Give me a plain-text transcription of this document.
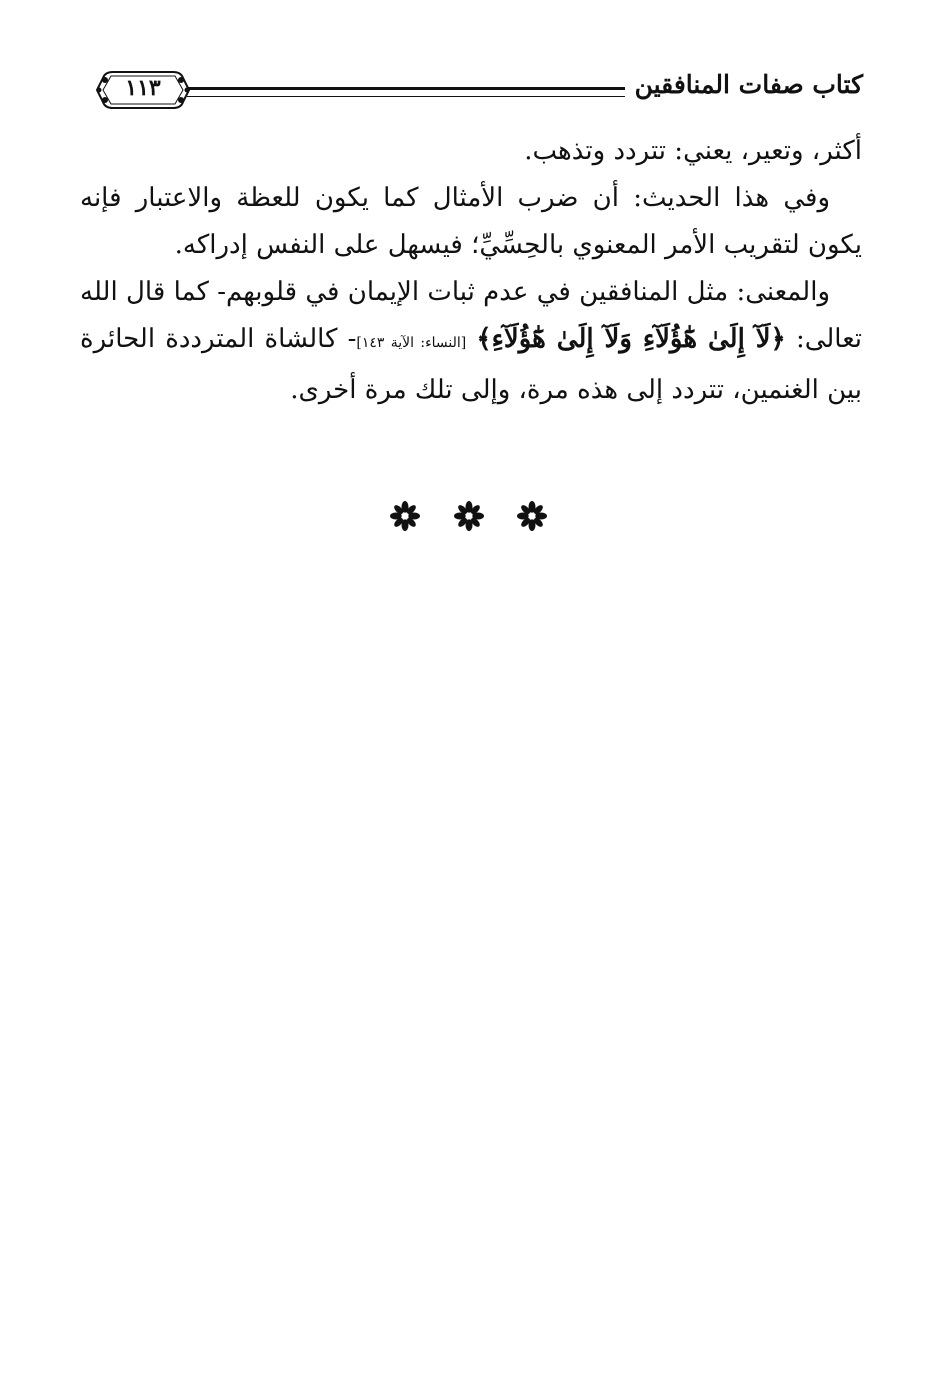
كتاب صفات المنافقين
١١٣

أكثر، وتعير، يعني: تتردد وتذهب.

وفي هذا الحديث: أن ضرب الأمثال كما يكون للعظة والاعتبار فإنه يكون لتقريب الأمر المعنوي بالحِسِّيِّ؛ فيسهل على النفس إدراكه.

والمعنى: مثل المنافقين في عدم ثبات الإيمان في قلوبهم- كما قال الله تعالى: ﴿لَآ إِلَىٰ هَٰٓؤُلَآءِ وَلَآ إِلَىٰ هَٰٓؤُلَآءِ﴾ [النساء: الآية ١٤٣]- كالشاة المترددة الحائرة بين الغنمين، تتردد إلى هذه مرة، وإلى تلك مرة أخرى.
